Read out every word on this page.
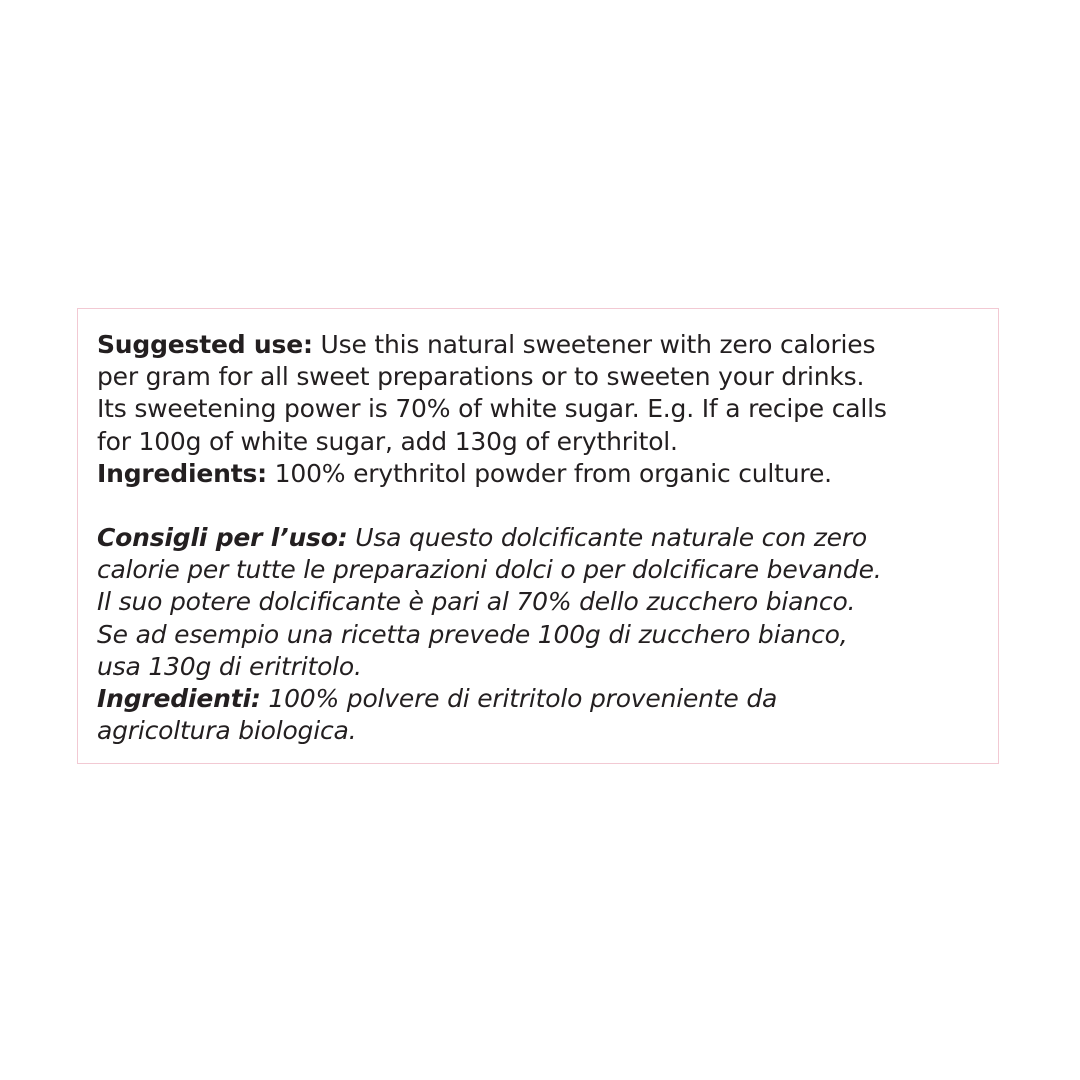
Suggested use: Use this natural sweetener with zero calories
per gram for all sweet preparations or to sweeten your drinks.
Its sweetening power is 70% of white sugar. E.g. If a recipe calls
for 100g of white sugar, add 130g of erythritol.
Ingredients: 100% erythritol powder from organic culture.

Consigli per l’uso: Usa questo dolcificante naturale con zero
calorie per tutte le preparazioni dolci o per dolcificare bevande.
Il suo potere dolcificante è pari al 70% dello zucchero bianco.
Se ad esempio una ricetta prevede 100g di zucchero bianco,
usa 130g di eritritolo.
Ingredienti: 100% polvere di eritritolo proveniente da
agricoltura biologica.
